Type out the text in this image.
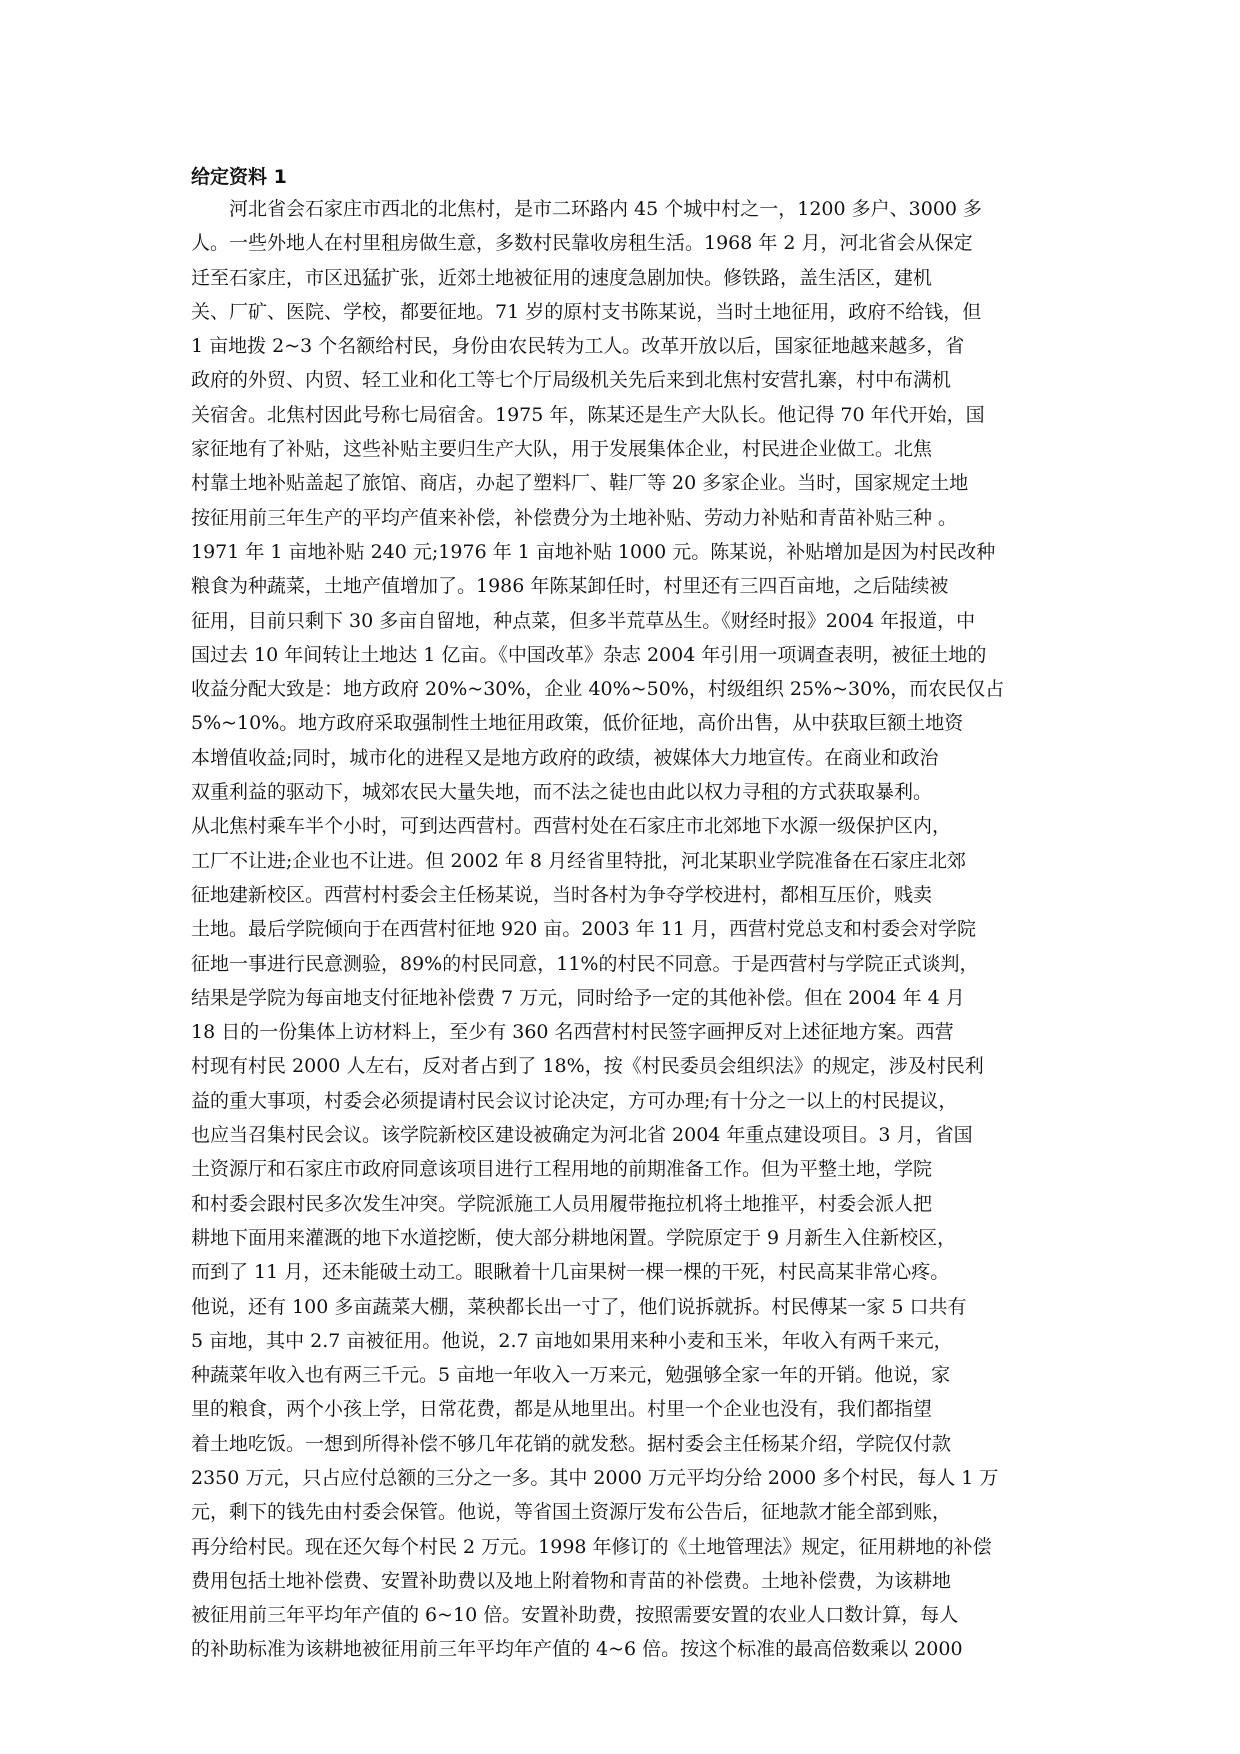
给定资料 1
河北省会石家庄市西北的北焦村，是市二环路内 45 个城中村之一，1200 多户、3000 多
人。一些外地人在村里租房做生意，多数村民靠收房租生活。1968 年 2 月，河北省会从保定
迁至石家庄，市区迅猛扩张，近郊土地被征用的速度急剧加快。修铁路，盖生活区，建机
关、厂矿、医院、学校，都要征地。71 岁的原村支书陈某说，当时土地征用，政府不给钱，但
1 亩地拨 2~3 个名额给村民，身份由农民转为工人。改革开放以后，国家征地越来越多，省
政府的外贸、内贸、轻工业和化工等七个厅局级机关先后来到北焦村安营扎寨，村中布满机
关宿舍。北焦村因此号称七局宿舍。1975 年，陈某还是生产大队长。他记得 70 年代开始，国
家征地有了补贴，这些补贴主要归生产大队，用于发展集体企业，村民进企业做工。北焦
村靠土地补贴盖起了旅馆、商店，办起了塑料厂、鞋厂等 20 多家企业。当时，国家规定土地
按征用前三年生产的平均产值来补偿，补偿费分为土地补贴、劳动力补贴和青苗补贴三种 。
1971 年 1 亩地补贴 240 元;1976 年 1 亩地补贴 1000 元。陈某说，补贴增加是因为村民改种
粮食为种蔬菜，土地产值增加了。1986 年陈某卸任时，村里还有三四百亩地，之后陆续被
征用，目前只剩下 30 多亩自留地，种点菜，但多半荒草丛生。《财经时报》2004 年报道，中
国过去 10 年间转让土地达 1 亿亩。《中国改革》杂志 2004 年引用一项调查表明，被征土地的
收益分配大致是：地方政府 20%~30%，企业 40%~50%，村级组织 25%~30%，而农民仅占
5%~10%。地方政府采取强制性土地征用政策，低价征地，高价出售，从中获取巨额土地资
本增值收益;同时，城市化的进程又是地方政府的政绩，被媒体大力地宣传。在商业和政治
双重利益的驱动下，城郊农民大量失地，而不法之徒也由此以权力寻租的方式获取暴利。
从北焦村乘车半个小时，可到达西营村。西营村处在石家庄市北郊地下水源一级保护区内，
工厂不让进;企业也不让进。但 2002 年 8 月经省里特批，河北某职业学院准备在石家庄北郊
征地建新校区。西营村村委会主任杨某说，当时各村为争夺学校进村，都相互压价，贱卖
土地。最后学院倾向于在西营村征地 920 亩。2003 年 11 月，西营村党总支和村委会对学院
征地一事进行民意测验，89%的村民同意，11%的村民不同意。于是西营村与学院正式谈判，
结果是学院为每亩地支付征地补偿费 7 万元，同时给予一定的其他补偿。但在 2004 年 4 月
18 日的一份集体上访材料上，至少有 360 名西营村村民签字画押反对上述征地方案。西营
村现有村民 2000 人左右，反对者占到了 18%，按《村民委员会组织法》的规定，涉及村民利
益的重大事项，村委会必须提请村民会议讨论决定，方可办理;有十分之一以上的村民提议，
也应当召集村民会议。该学院新校区建设被确定为河北省 2004 年重点建设项目。3 月，省国
土资源厅和石家庄市政府同意该项目进行工程用地的前期准备工作。但为平整土地，学院
和村委会跟村民多次发生冲突。学院派施工人员用履带拖拉机将土地推平，村委会派人把
耕地下面用来灌溉的地下水道挖断，使大部分耕地闲置。学院原定于 9 月新生入住新校区，
而到了 11 月，还未能破土动工。眼瞅着十几亩果树一棵一棵的干死，村民高某非常心疼。
他说，还有 100 多亩蔬菜大棚，菜秧都长出一寸了，他们说拆就拆。村民傅某一家 5 口共有
5 亩地，其中 2.7 亩被征用。他说，2.7 亩地如果用来种小麦和玉米，年收入有两千来元，
种蔬菜年收入也有两三千元。5 亩地一年收入一万来元，勉强够全家一年的开销。他说，家
里的粮食，两个小孩上学，日常花费，都是从地里出。村里一个企业也没有，我们都指望
着土地吃饭。一想到所得补偿不够几年花销的就发愁。据村委会主任杨某介绍，学院仅付款
2350 万元，只占应付总额的三分之一多。其中 2000 万元平均分给 2000 多个村民，每人 1 万
元，剩下的钱先由村委会保管。他说，等省国土资源厅发布公告后，征地款才能全部到账，
再分给村民。现在还欠每个村民 2 万元。1998 年修订的《土地管理法》规定，征用耕地的补偿
费用包括土地补偿费、安置补助费以及地上附着物和青苗的补偿费。土地补偿费，为该耕地
被征用前三年平均年产值的 6~10 倍。安置补助费，按照需要安置的农业人口数计算，每人
的补助标准为该耕地被征用前三年平均年产值的 4~6 倍。按这个标准的最高倍数乘以 2000
